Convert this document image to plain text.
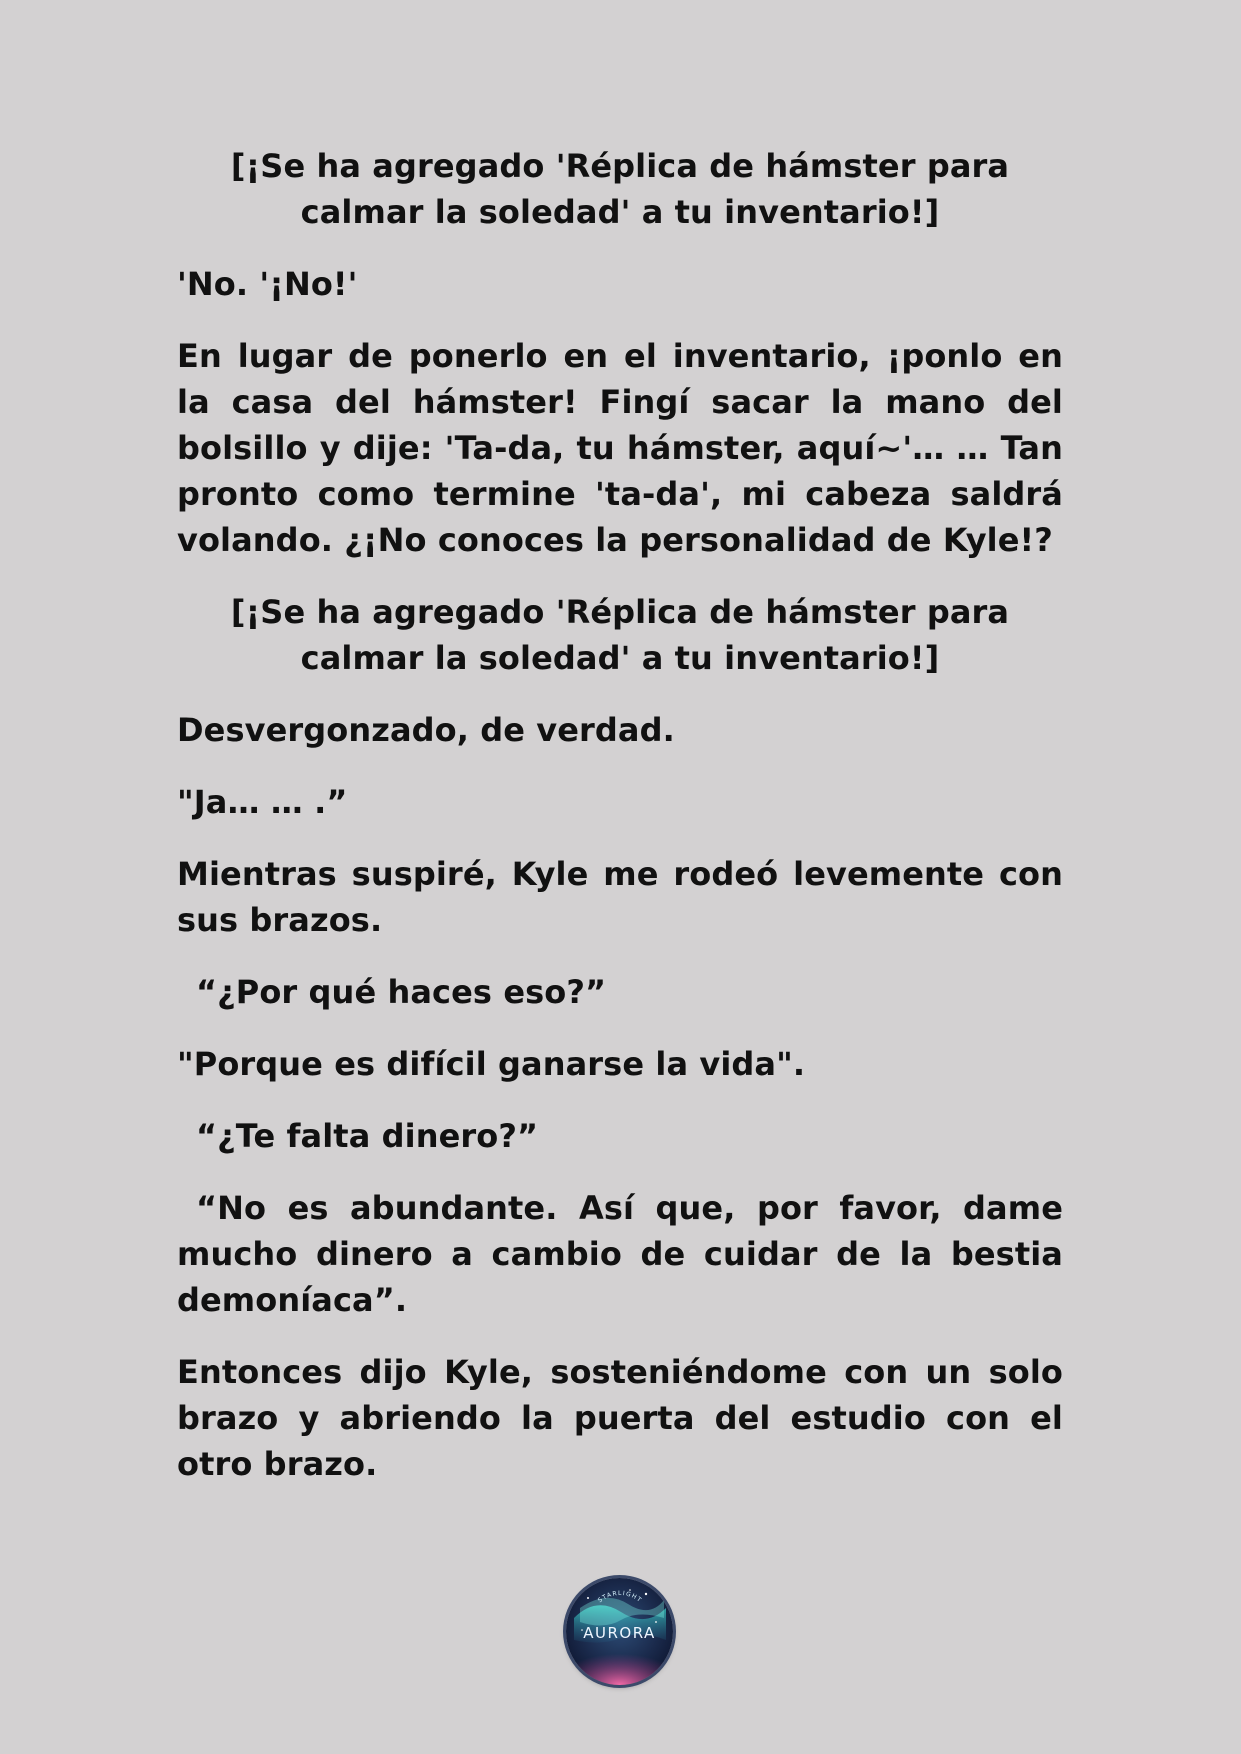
[¡Se ha agregado 'Réplica de hámster para calmar la soledad' a tu inventario!]

'No. '¡No!'

En lugar de ponerlo en el inventario, ¡ponlo en la casa del hámster! Fingí sacar la mano del bolsillo y dije: 'Ta-da, tu hámster, aquí~'… … Tan pronto como termine 'ta-da', mi cabeza saldrá volando. ¿¡No conoces la personalidad de Kyle!?

[¡Se ha agregado 'Réplica de hámster para calmar la soledad' a tu inventario!]

Desvergonzado, de verdad.

"Ja… … .”

Mientras suspiré, Kyle me rodeó levemente con sus brazos.

“¿Por qué haces eso?”

"Porque es difícil ganarse la vida".

“¿Te falta dinero?”

“No es abundante. Así que, por favor, dame mucho dinero a cambio de cuidar de la bestia demoníaca”.

Entonces dijo Kyle, sosteniéndome con un solo brazo y abriendo la puerta del estudio con el otro brazo.

STARLIGHT
AURORA
